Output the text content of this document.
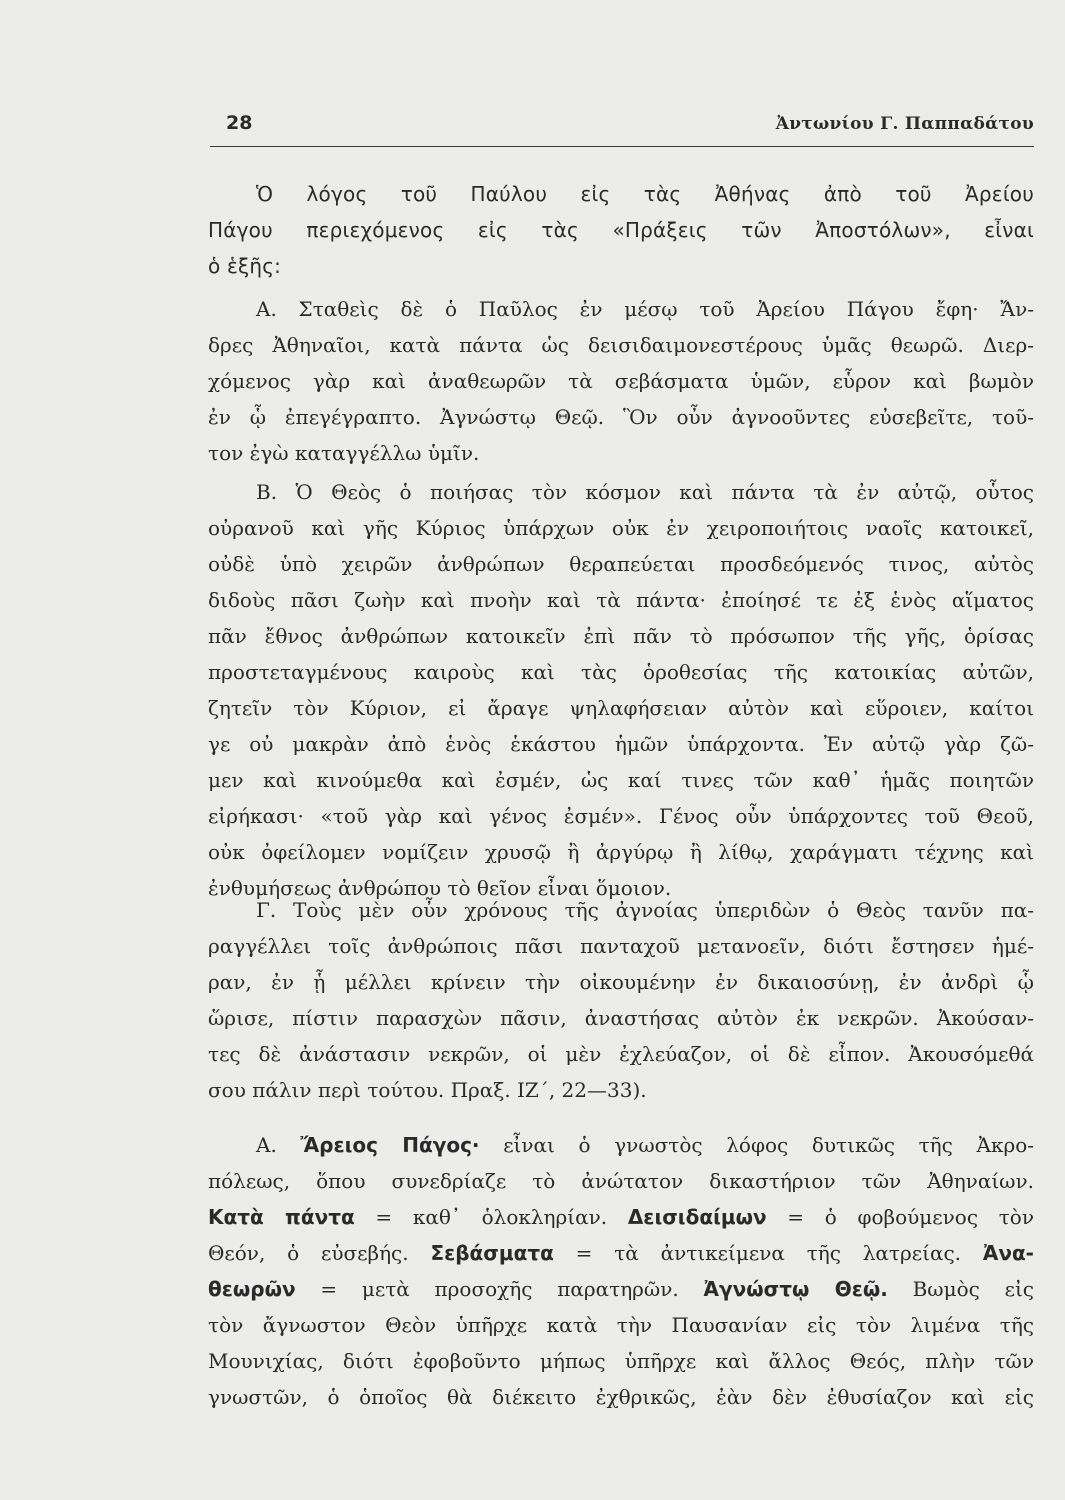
28	Ἀντωνίου Γ. Παππαδάτου
Ὁ λόγος τοῦ Παύλου εἰς τὰς Ἀθήνας ἀπὸ τοῦ Ἀρείου
Πάγου περιεχόμενος εἰς τὰς «Πράξεις τῶν Ἀποστόλων», εἶναι
ὁ ἑξῆς:
Α. Σταθεὶς δὲ ὁ Παῦλος ἐν μέσῳ τοῦ Ἀρείου Πάγου ἔφη· Ἄν-
δρες Ἀθηναῖοι, κατὰ πάντα ὡς δεισιδαιμονεστέρους ὑμᾶς θεωρῶ. Διερ-
χόμενος γὰρ καὶ ἀναθεωρῶν τὰ σεβάσματα ὑμῶν, εὗρον καὶ βωμὸν
ἐν ᾧ ἐπεγέγραπτο. Ἀγνώστῳ Θεῷ. Ὃν οὖν ἀγνοοῦντες εὐσεβεῖτε, τοῦ-
τον ἐγὼ καταγγέλλω ὑμῖν.
Β. Ὁ Θεὸς ὁ ποιήσας τὸν κόσμον καὶ πάντα τὰ ἐν αὐτῷ, οὗτος
οὐρανοῦ καὶ γῆς Κύριος ὑπάρχων οὐκ ἐν χειροποιήτοις ναοῖς κατοικεῖ,
οὐδὲ ὑπὸ χειρῶν ἀνθρώπων θεραπεύεται προσδεόμενός τινος, αὐτὸς
διδοὺς πᾶσι ζωὴν καὶ πνοὴν καὶ τὰ πάντα· ἐποίησέ τε ἐξ ἑνὸς αἵματος
πᾶν ἔθνος ἀνθρώπων κατοικεῖν ἐπὶ πᾶν τὸ πρόσωπον τῆς γῆς, ὁρίσας
προστεταγμένους καιροὺς καὶ τὰς ὁροθεσίας τῆς κατοικίας αὐτῶν,
ζητεῖν τὸν Κύριον, εἰ ἄραγε ψηλαφήσειαν αὐτὸν καὶ εὕροιεν, καίτοι
γε οὐ μακρὰν ἀπὸ ἑνὸς ἑκάστου ἡμῶν ὑπάρχοντα. Ἐν αὐτῷ γὰρ ζῶ-
μεν καὶ κινούμεθα καὶ ἐσμέν, ὡς καί τινες τῶν καθ᾿ ἡμᾶς ποιητῶν
εἰρήκασι· «τοῦ γὰρ καὶ γένος ἐσμέν». Γένος οὖν ὑπάρχοντες τοῦ Θεοῦ,
οὐκ ὀφείλομεν νομίζειν χρυσῷ ἢ ἀργύρῳ ἢ λίθῳ, χαράγματι τέχνης καὶ
ἐνθυμήσεως ἀνθρώπου τὸ θεῖον εἶναι ὅμοιον.
Γ. Τοὺς μὲν οὖν χρόνους τῆς ἀγνοίας ὑπεριδὼν ὁ Θεὸς τανῦν πα-
ραγγέλλει τοῖς ἀνθρώποις πᾶσι πανταχοῦ μετανοεῖν, διότι ἔστησεν ἡμέ-
ραν, ἐν ᾗ μέλλει κρίνειν τὴν οἰκουμένην ἐν δικαιοσύνῃ, ἐν ἀνδρὶ ᾧ
ὥρισε, πίστιν παρασχὼν πᾶσιν, ἀναστήσας αὐτὸν ἐκ νεκρῶν. Ἀκούσαν-
τες δὲ ἀνάστασιν νεκρῶν, οἱ μὲν ἐχλεύαζον, οἱ δὲ εἶπον. Ἀκουσόμεθά
σου πάλιν περὶ τούτου. Πραξ. ΙΖ΄, 22—33).
Α. Ἄρειος Πάγος· εἶναι ὁ γνωστὸς λόφος δυτικῶς τῆς Ἀκρο-
πόλεως, ὅπου συνεδρίαζε τὸ ἀνώτατον δικαστήριον τῶν Ἀθηναίων.
Κατὰ πάντα = καθ᾿ ὁλοκληρίαν. Δεισιδαίμων = ὁ φοβούμενος τὸν
Θεόν, ὁ εὐσεβής. Σεβάσματα = τὰ ἀντικείμενα τῆς λατρείας. Ἀνα-
θεωρῶν = μετὰ προσοχῆς παρατηρῶν. Ἀγνώστῳ Θεῷ. Βωμὸς εἰς
τὸν ἄγνωστον Θεὸν ὑπῆρχε κατὰ τὴν Παυσανίαν εἰς τὸν λιμένα τῆς
Μουνιχίας, διότι ἐφοβοῦντο μήπως ὑπῆρχε καὶ ἄλλος Θεός, πλὴν τῶν
γνωστῶν, ὁ ὁποῖος θὰ διέκειτο ἐχθρικῶς, ἐὰν δὲν ἐθυσίαζον καὶ εἰς
